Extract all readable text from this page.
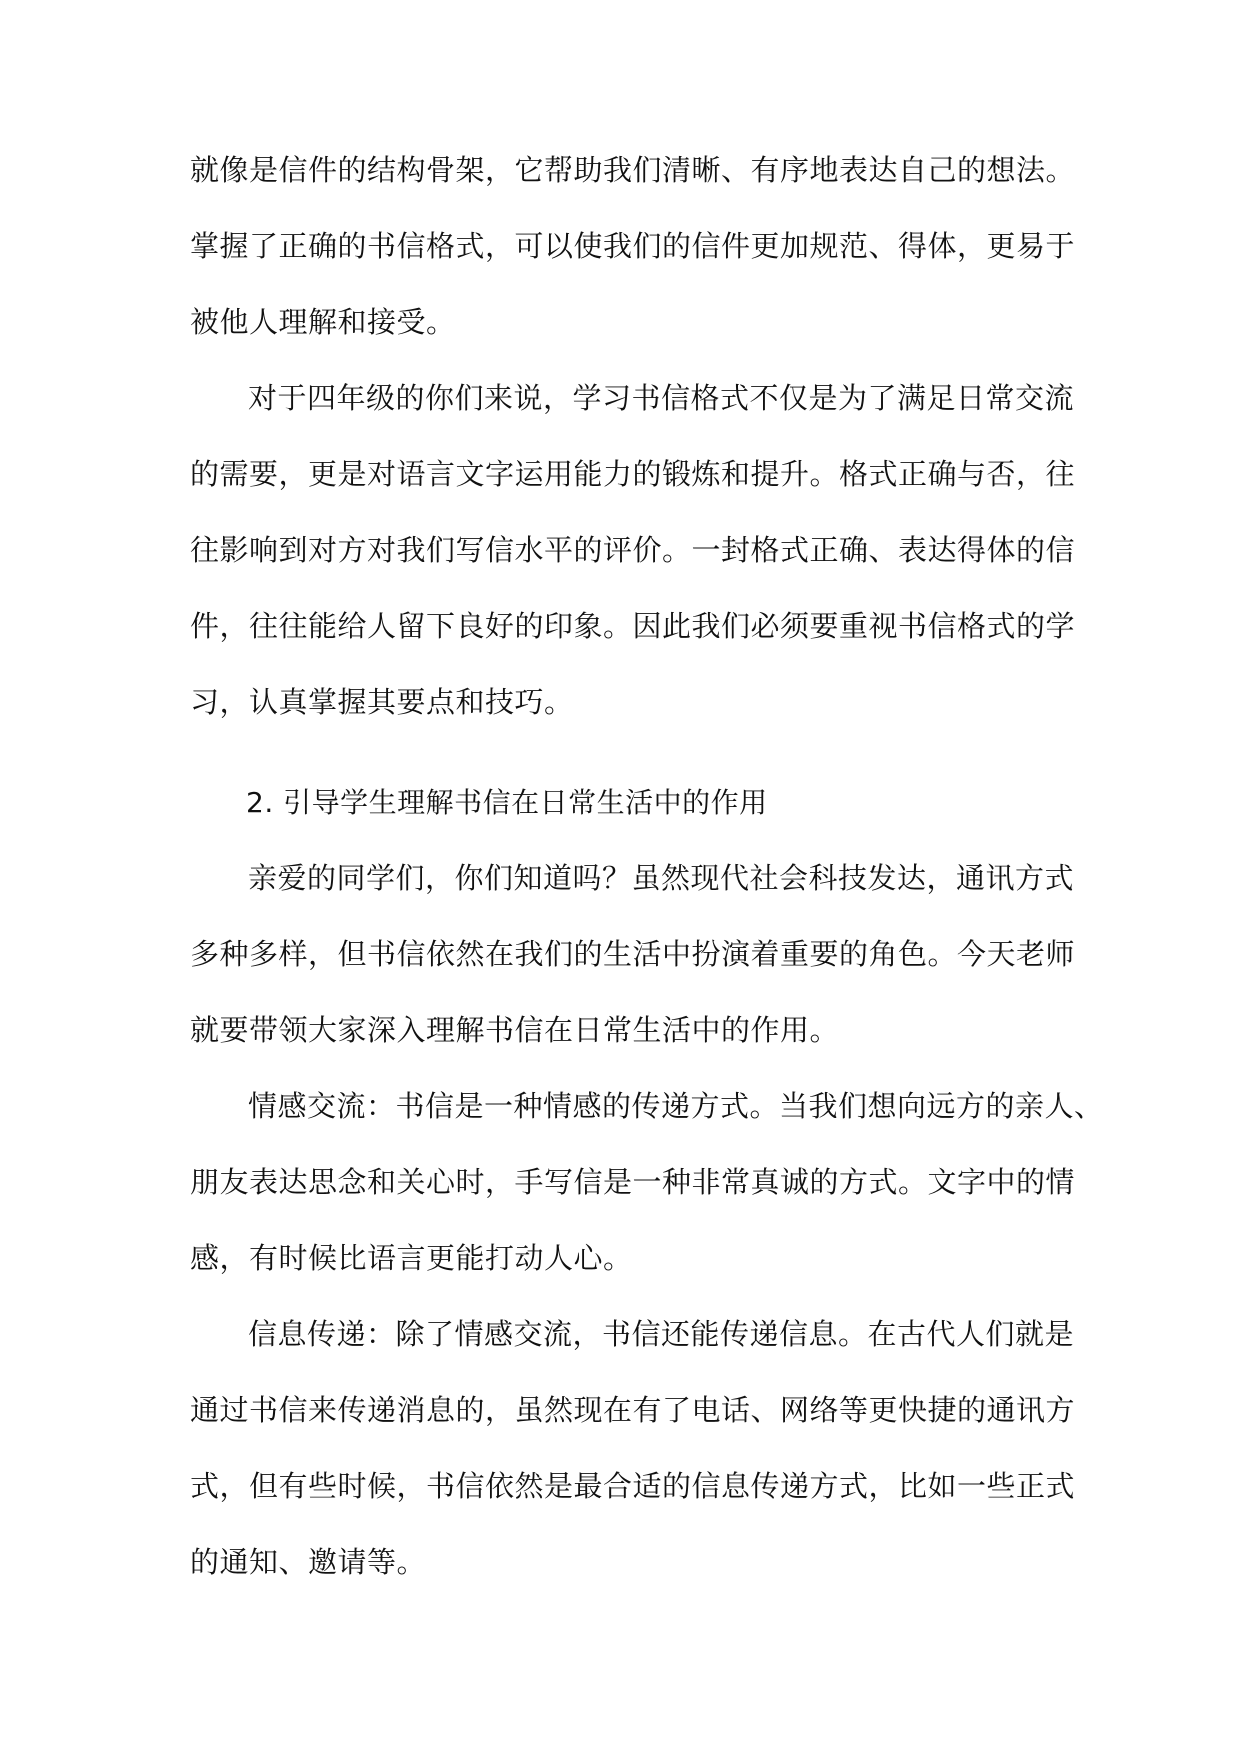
就像是信件的结构骨架，它帮助我们清晰、有序地表达自己的想法。
掌握了正确的书信格式，可以使我们的信件更加规范、得体，更易于
被他人理解和接受。
对于四年级的你们来说，学习书信格式不仅是为了满足日常交流
的需要，更是对语言文字运用能力的锻炼和提升。格式正确与否，往
往影响到对方对我们写信水平的评价。一封格式正确、表达得体的信
件，往往能给人留下良好的印象。因此我们必须要重视书信格式的学
习，认真掌握其要点和技巧。
2. 引导学生理解书信在日常生活中的作用
亲爱的同学们，你们知道吗？虽然现代社会科技发达，通讯方式
多种多样，但书信依然在我们的生活中扮演着重要的角色。今天老师
就要带领大家深入理解书信在日常生活中的作用。
情感交流：书信是一种情感的传递方式。当我们想向远方的亲人、
朋友表达思念和关心时，手写信是一种非常真诚的方式。文字中的情
感，有时候比语言更能打动人心。
信息传递：除了情感交流，书信还能传递信息。在古代人们就是
通过书信来传递消息的，虽然现在有了电话、网络等更快捷的通讯方
式，但有些时候，书信依然是最合适的信息传递方式，比如一些正式
的通知、邀请等。
